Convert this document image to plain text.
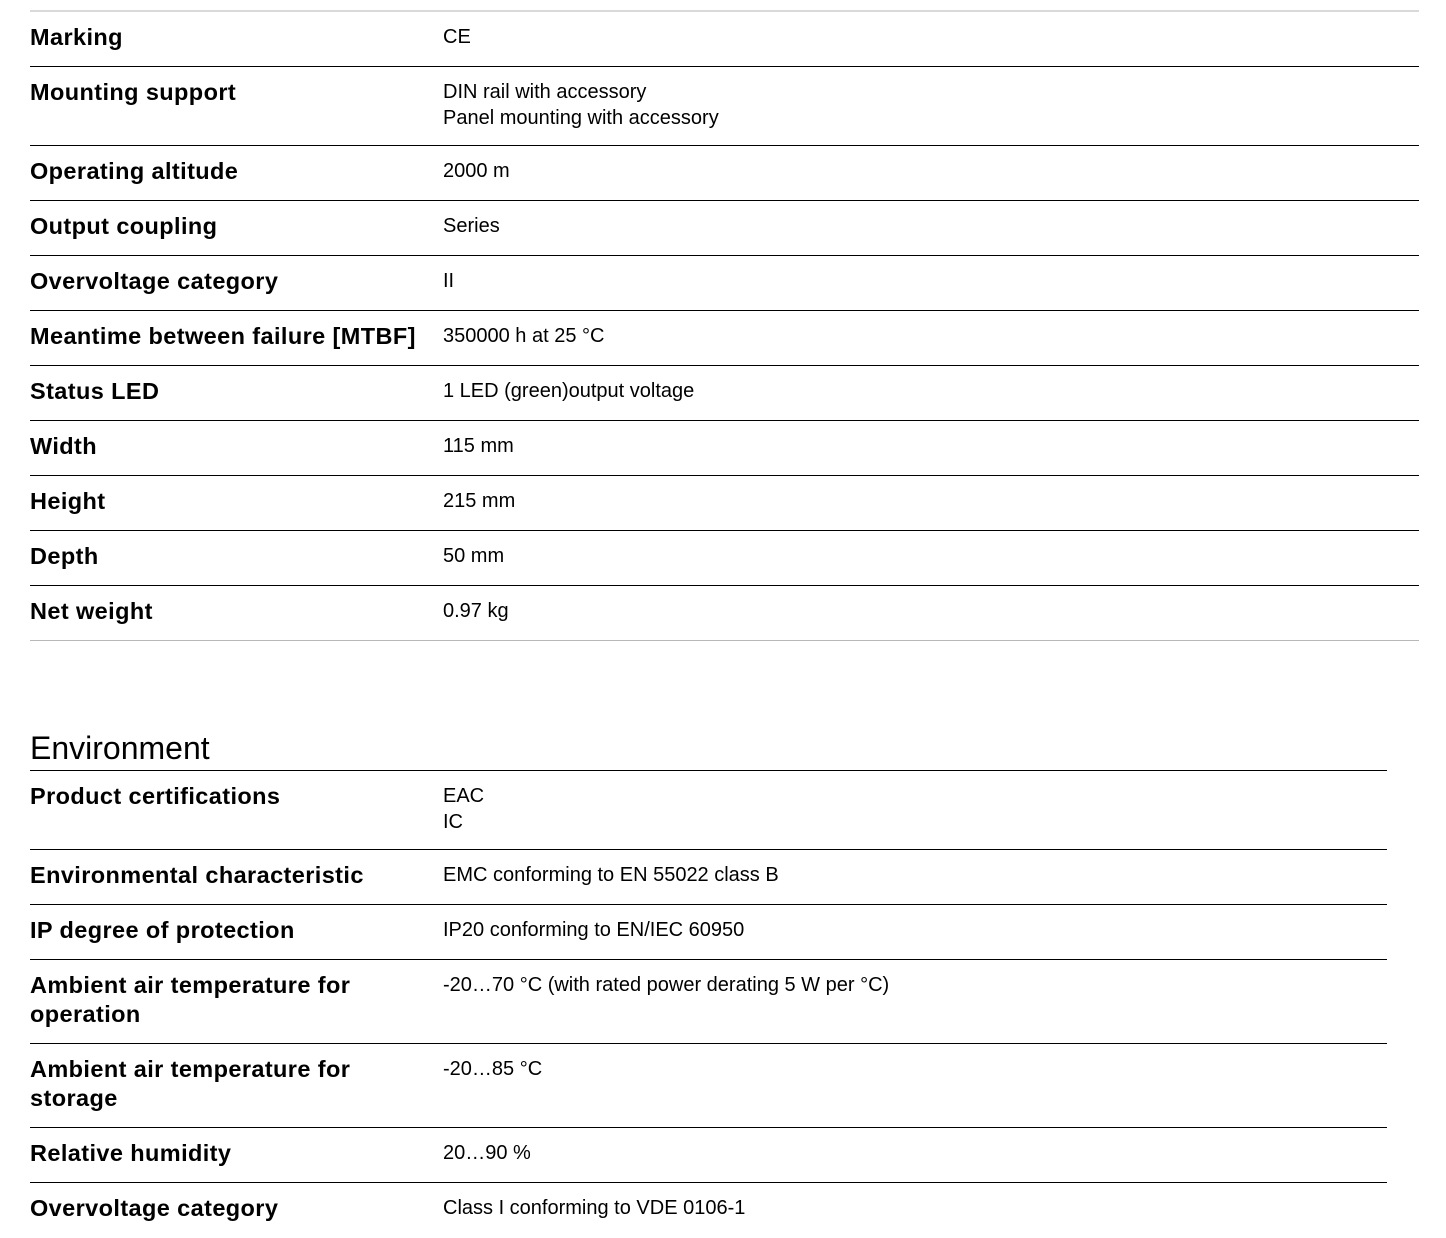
Marking	CE

Mounting support	DIN rail with accessory
Panel mounting with accessory

Operating altitude	2000 m

Output coupling	Series

Overvoltage category	II

Meantime between failure [MTBF]	350000 h at 25 °C

Status LED	1 LED (green)output voltage

Width	115 mm

Height	215 mm

Depth	50 mm

Net weight	0.97 kg
Environment
Product certifications	EAC
IC

Environmental characteristic	EMC conforming to EN 55022 class B

IP degree of protection	IP20 conforming to EN/IEC 60950

Ambient air temperature for operation	-20…70 °C (with rated power derating 5 W per °C)

Ambient air temperature for storage	-20…85 °C

Relative humidity	20…90 %

Overvoltage category	Class I conforming to VDE 0106-1
